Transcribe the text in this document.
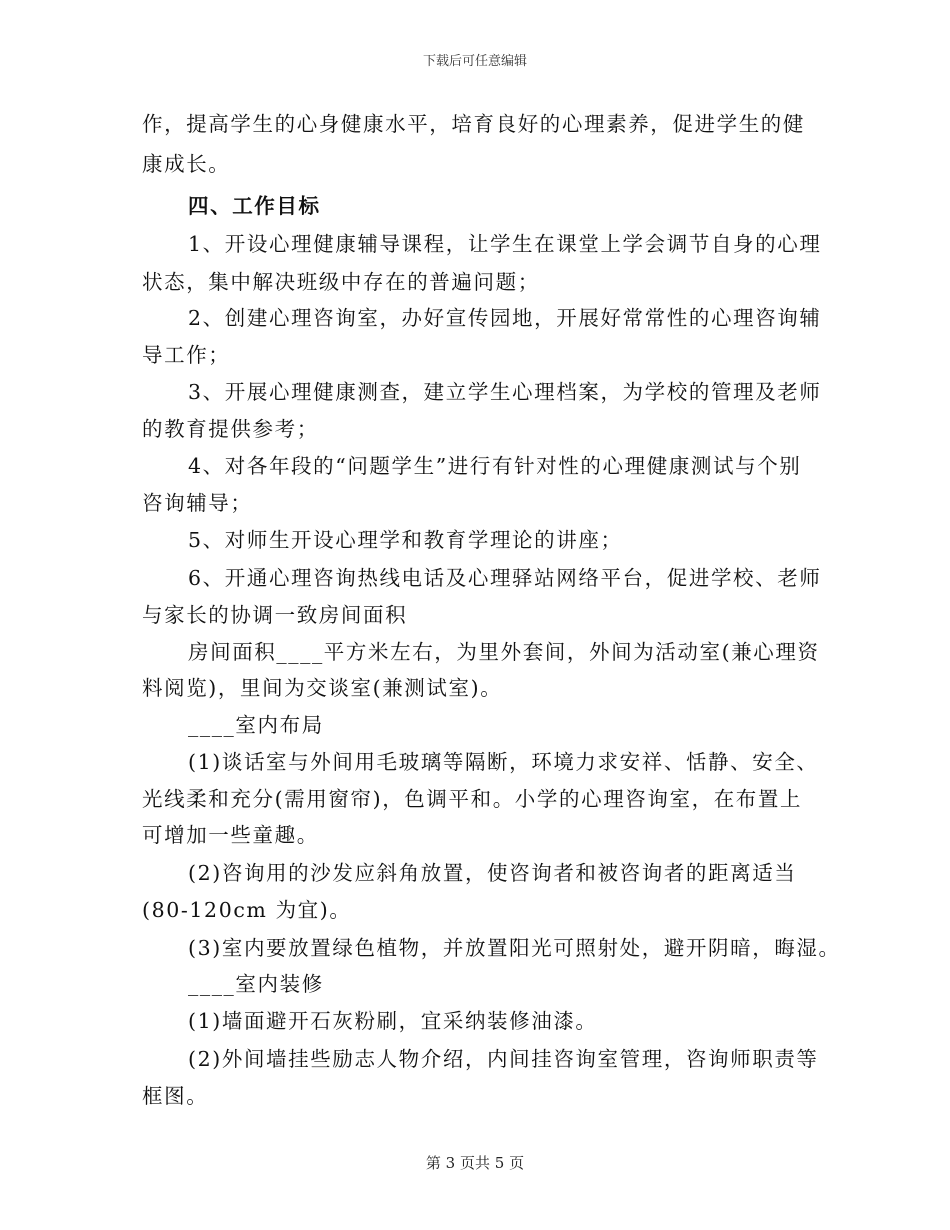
下载后可任意编辑
作，提高学生的心身健康水平，培育良好的心理素养，促进学生的健
康成长。
四、工作目标
1、开设心理健康辅导课程，让学生在课堂上学会调节自身的心理
状态，集中解决班级中存在的普遍问题；
2、创建心理咨询室，办好宣传园地，开展好常常性的心理咨询辅
导工作；
3、开展心理健康测查，建立学生心理档案，为学校的管理及老师
的教育提供参考；
4、对各年段的“问题学生”进行有针对性的心理健康测试与个别
咨询辅导；
5、对师生开设心理学和教育学理论的讲座；
6、开通心理咨询热线电话及心理驿站网络平台，促进学校、老师
与家长的协调一致房间面积
房间面积____平方米左右，为里外套间，外间为活动室(兼心理资
料阅览)，里间为交谈室(兼测试室)。
____室内布局
(1)谈话室与外间用毛玻璃等隔断，环境力求安祥、恬静、安全、
光线柔和充分(需用窗帘)，色调平和。小学的心理咨询室，在布置上
可增加一些童趣。
(2)咨询用的沙发应斜角放置，使咨询者和被咨询者的距离适当
(80-120cm 为宜)。
(3)室内要放置绿色植物，并放置阳光可照射处，避开阴暗，晦湿。
____室内装修
(1)墙面避开石灰粉刷，宜采纳装修油漆。
(2)外间墙挂些励志人物介绍，内间挂咨询室管理，咨询师职责等
框图。
第 3 页共 5 页
